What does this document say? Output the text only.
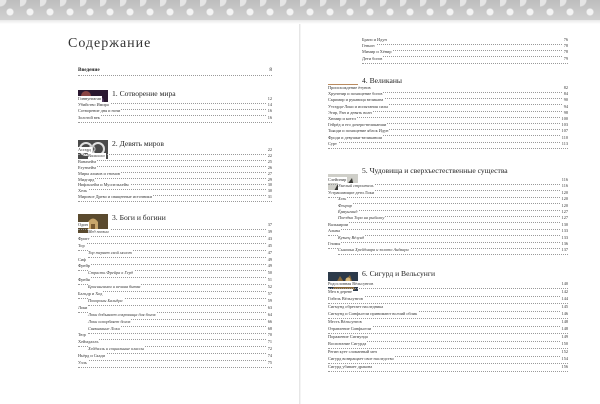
Содержание
Введение	8
1. Сотворение мира
Гиннунгагап	12
Убийство Имира	14
Сотворение дня и ночи	16
Золотой век	16
2. Девять миров
Асгард	22
Валхалла	22
Ванахейм	25
Етунхейм	26
Миры альвов и гномов	27
Мидгард	29
Нифльхейм и Муспельхейм	30
Хель	30
Мировое Древо и священные источники	31
3. Боги и богини
Один	37
Мед поэзии	39
Фригг	43
Тор	45
Тор теряет свой молот	47
Сиф	49
Фрейр	49
Страсть Фрейра к Герд	50
Фрейя	51
Брисингамен и вечная битва	52
Бальдр и Ход	57
Похороны Бальдра	59
Локи	63
Локи добывает сокровища для богов	64
Локи оскорбляет богов	66
Связывание Локи	68
Тюр	70
Хеймдалль	71
Хейдалль и социальные классы	72
Ньёрд и Скади	74
Улль	75
Браги и Идун	76
Гевьон	78
Мимир и Хёнир	78
Дети богов	79
4. Великаны
Происхождение ётунов	82
Хрунгнир и похищение богов	84
Скримир и рукавица великана	90
Утгарда-Локи и испытания силы	94
Эгир, Ран и девять волн	98
Хюмир и котел	100
Гейрёд и его дочери-великанши	103
Тьяцци и похищение яблок Идун	107
Фроди и девушки-великанши	110
Сурт	113
5. Чудовища и сверхъестественные существа
Слейпнир	116
Умелый строитель	116
Устрашающие дети Локи	120
Хель	120
Фенрир	120
Ёрмунганд	127
Поездка Тора на рыбалку	127
Валькирии	130
Альвы	133
Кузнец Вёлунд	133
Гномы	136
Сыновья Хрейдмара и золото Андвари	137
6. Сигурд и Вельсунги
Родословная Вёльсунгов	140
Меч в дереве	142
Гибель Вёльсунгов	144
Сигмунд обретает наследника	145
Сигмунд и Синфьотли принимают волчий облик	146
Месть Вёльсунгов	148
Отравление Синфьотли	148
Поражение Сигмунда	149
Воспитание Сигурда	150
Регин кует сломанный меч	152
Сигурд возвращает свое наследство	154
Сигурд убивает дракона	156
